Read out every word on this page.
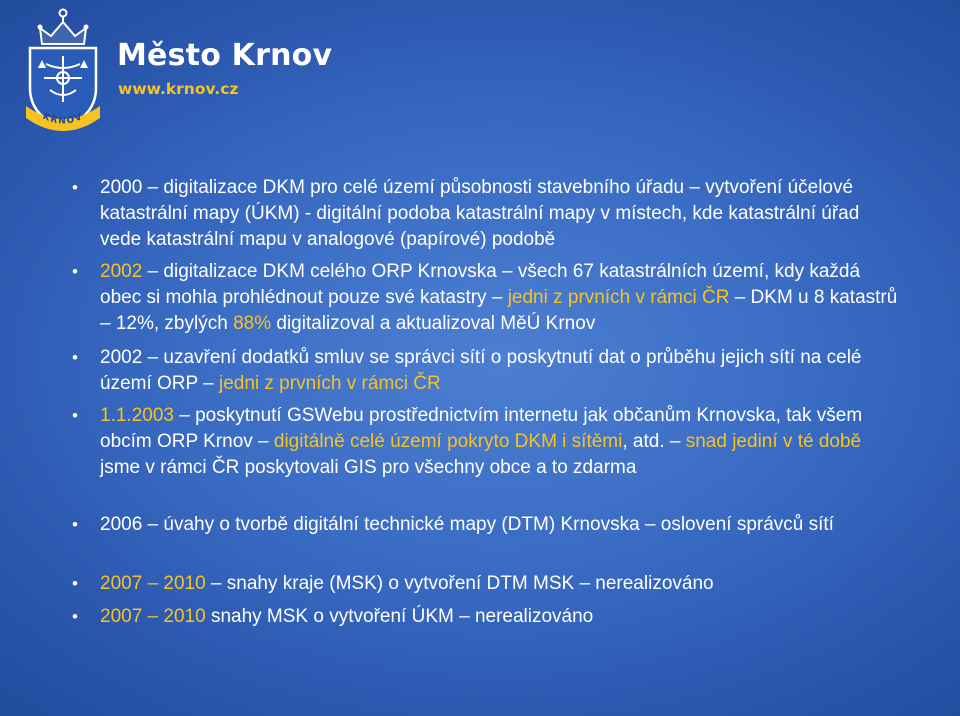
KRNOV
Město Krnov
www.krnov.cz
• 2000 – digitalizace DKM pro celé území působnosti stavebního úřadu – vytvoření účelové katastrální mapy (ÚKM) - digitální podoba katastrální mapy v místech, kde katastrální úřad vede katastrální mapu v analogové (papírové) podobě
• 2002 – digitalizace DKM celého ORP Krnovska – všech 67 katastrálních území, kdy každá obec si mohla prohlédnout pouze své katastry – jedni z prvních v rámci ČR – DKM u 8 katastrů – 12%, zbylých 88% digitalizoval a aktualizoval MěÚ Krnov
• 2002 – uzavření dodatků smluv se správci sítí o poskytnutí dat o průběhu jejich sítí na celé území ORP – jedni z prvních v rámci ČR
• 1.1.2003 – poskytnutí GSWebu prostřednictvím internetu jak občanům Krnovska, tak všem obcím ORP Krnov – digitálně celé území pokryto DKM i sítěmi, atd. – snad jediní v té době jsme v rámci ČR poskytovali GIS pro všechny obce a to zdarma
• 2006 – úvahy o tvorbě digitální technické mapy (DTM) Krnovska – oslovení správců sítí
• 2007 – 2010 – snahy kraje (MSK) o vytvoření DTM MSK – nerealizováno
• 2007 – 2010 snahy MSK o vytvoření ÚKM – nerealizováno
